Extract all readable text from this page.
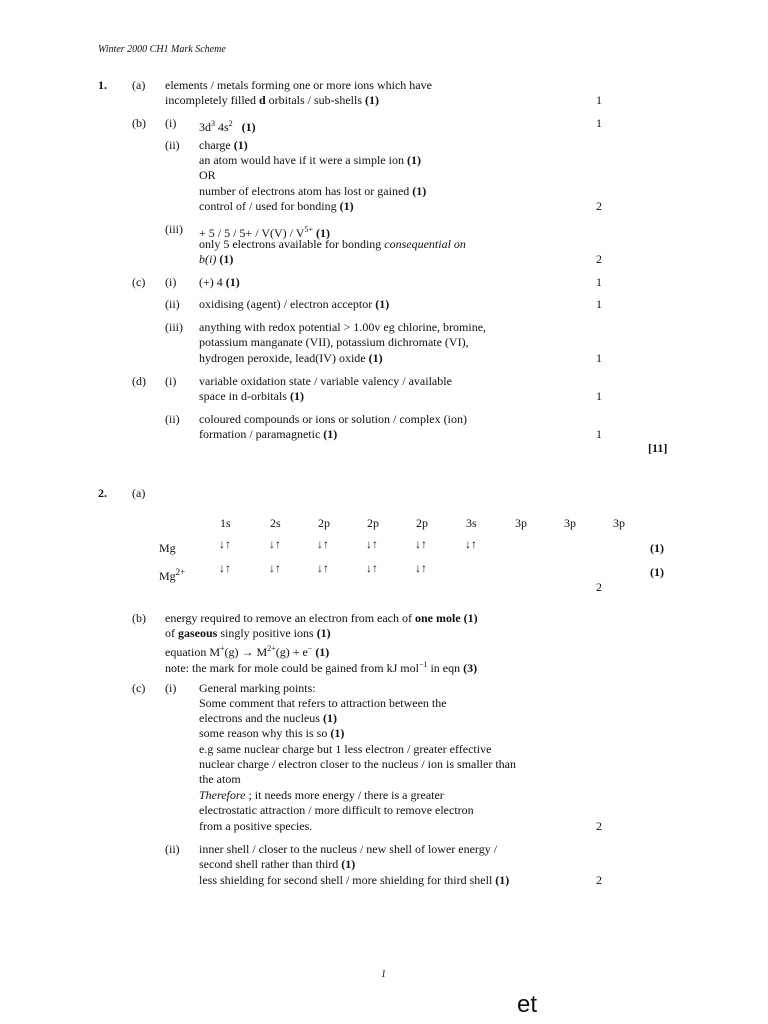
Winter 2000 CH1 Mark Scheme
1. (a) elements / metals forming one or more ions which have
incompletely filled d orbitals / sub-shells (1)	1
(b) (i) $3d^3$ $4s^2$ (1)	1
(ii) charge (1)
an atom would have if it were a simple ion (1)
OR
number of electrons atom has lost or gained (1)
control of / used for bonding (1)	2
$(iii) + 5 / 5 / 5+ / V(V) / V^{5+}$ (1)
only 5 electrons available for bonding consequential on
b(i) (1)	2
(c) (i) (+) 4 (1)	1
(ii) oxidising (agent) / electron acceptor (1)	1
(iii) anything with redox potential > 1.00v eg chlorine, bromine,
potassium manganate (VII), potassium dichromate (VI),
hydrogen peroxide, lead(IV) oxide (1)	1
(d) (i) variable oxidation state / variable valency / available
space in d-orbitals (1)	1
(ii) coloured compounds or ions or solution / complex (ion)
formation / paramagnetic (1)	1
[11]
2. (a)
1s	2s	2p	2p	2p	3s	3p	3p	3p
Mg	↓↑	↓↑	↓↑	↓↑	↓↑	↓↑	(1)
$Mg^{2+}$	↓↑	↓↑	↓↑	↓↑	↓↑	(1)
2
(b) energy required to remove an electron from each of one mole (1)
of gaseous singly positive ions (1)
equation $M^+(g) \to M^{2+}(g) + e^-$ (1)
note: the mark for mole could be gained from kJ mol$^{-1}$ in eqn (3)
(c) (i) General marking points:
Some comment that refers to attraction between the
electrons and the nucleus (1)
some reason why this is so (1)
e.g same nuclear charge but 1 less electron / greater effective
nuclear charge / electron closer to the nucleus / ion is smaller than
the atom
Therefore ; it needs more energy / there is a greater
electrostatic attraction / more difficult to remove electron
from a positive species.	2
(ii) inner shell / closer to the nucleus / new shell of lower energy /
second shell rather than third (1)
less shielding for second shell / more shielding for third shell (1)	2
1
et
